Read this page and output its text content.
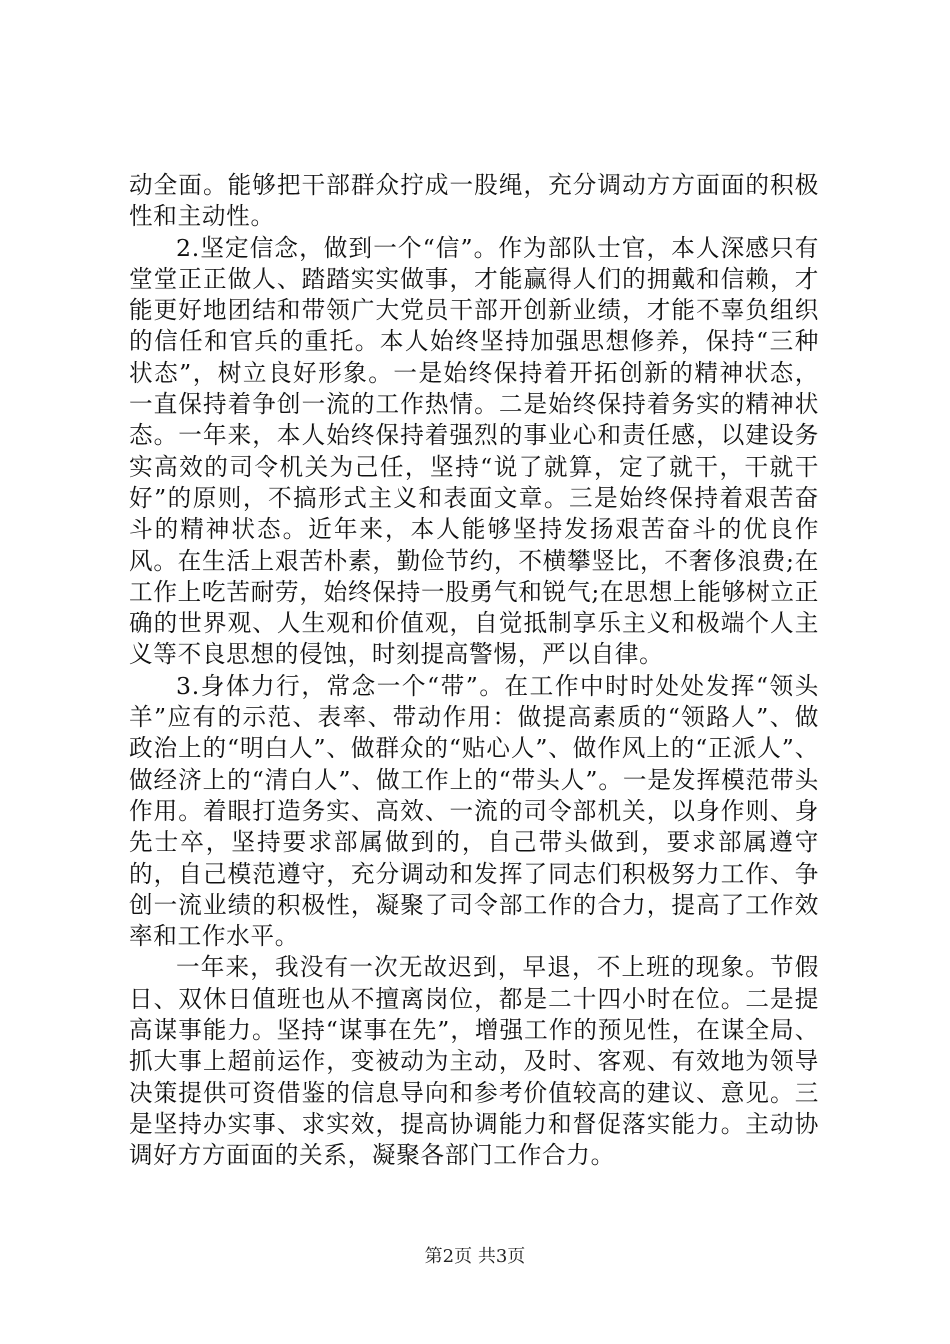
动全面。能够把干部群众拧成一股绳，充分调动方方面面的积极性和主动性。

2.坚定信念，做到一个“信”。作为部队士官，本人深感只有堂堂正正做人、踏踏实实做事，才能赢得人们的拥戴和信赖，才能更好地团结和带领广大党员干部开创新业绩，才能不辜负组织的信任和官兵的重托。本人始终坚持加强思想修养，保持“三种状态”，树立良好形象。一是始终保持着开拓创新的精神状态，一直保持着争创一流的工作热情。二是始终保持着务实的精神状态。一年来，本人始终保持着强烈的事业心和责任感，以建设务实高效的司令机关为己任，坚持“说了就算，定了就干，干就干好”的原则，不搞形式主义和表面文章。三是始终保持着艰苦奋斗的精神状态。近年来，本人能够坚持发扬艰苦奋斗的优良作风。在生活上艰苦朴素，勤俭节约，不横攀竖比，不奢侈浪费;在工作上吃苦耐劳，始终保持一股勇气和锐气;在思想上能够树立正确的世界观、人生观和价值观，自觉抵制享乐主义和极端个人主义等不良思想的侵蚀，时刻提高警惕，严以自律。

3.身体力行，常念一个“带”。在工作中时时处处发挥“领头羊”应有的示范、表率、带动作用：做提高素质的“领路人”、做政治上的“明白人”、做群众的“贴心人”、做作风上的“正派人”、做经济上的“清白人”、做工作上的“带头人”。一是发挥模范带头作用。着眼打造务实、高效、一流的司令部机关，以身作则、身先士卒，坚持要求部属做到的，自己带头做到，要求部属遵守的，自己模范遵守，充分调动和发挥了同志们积极努力工作、争创一流业绩的积极性，凝聚了司令部工作的合力，提高了工作效率和工作水平。

一年来，我没有一次无故迟到，早退，不上班的现象。节假日、双休日值班也从不擅离岗位，都是二十四小时在位。二是提高谋事能力。坚持“谋事在先”，增强工作的预见性，在谋全局、抓大事上超前运作，变被动为主动，及时、客观、有效地为领导决策提供可资借鉴的信息导向和参考价值较高的建议、意见。三是坚持办实事、求实效，提高协调能力和督促落实能力。主动协调好方方面面的关系，凝聚各部门工作合力。

第2页 共3页
